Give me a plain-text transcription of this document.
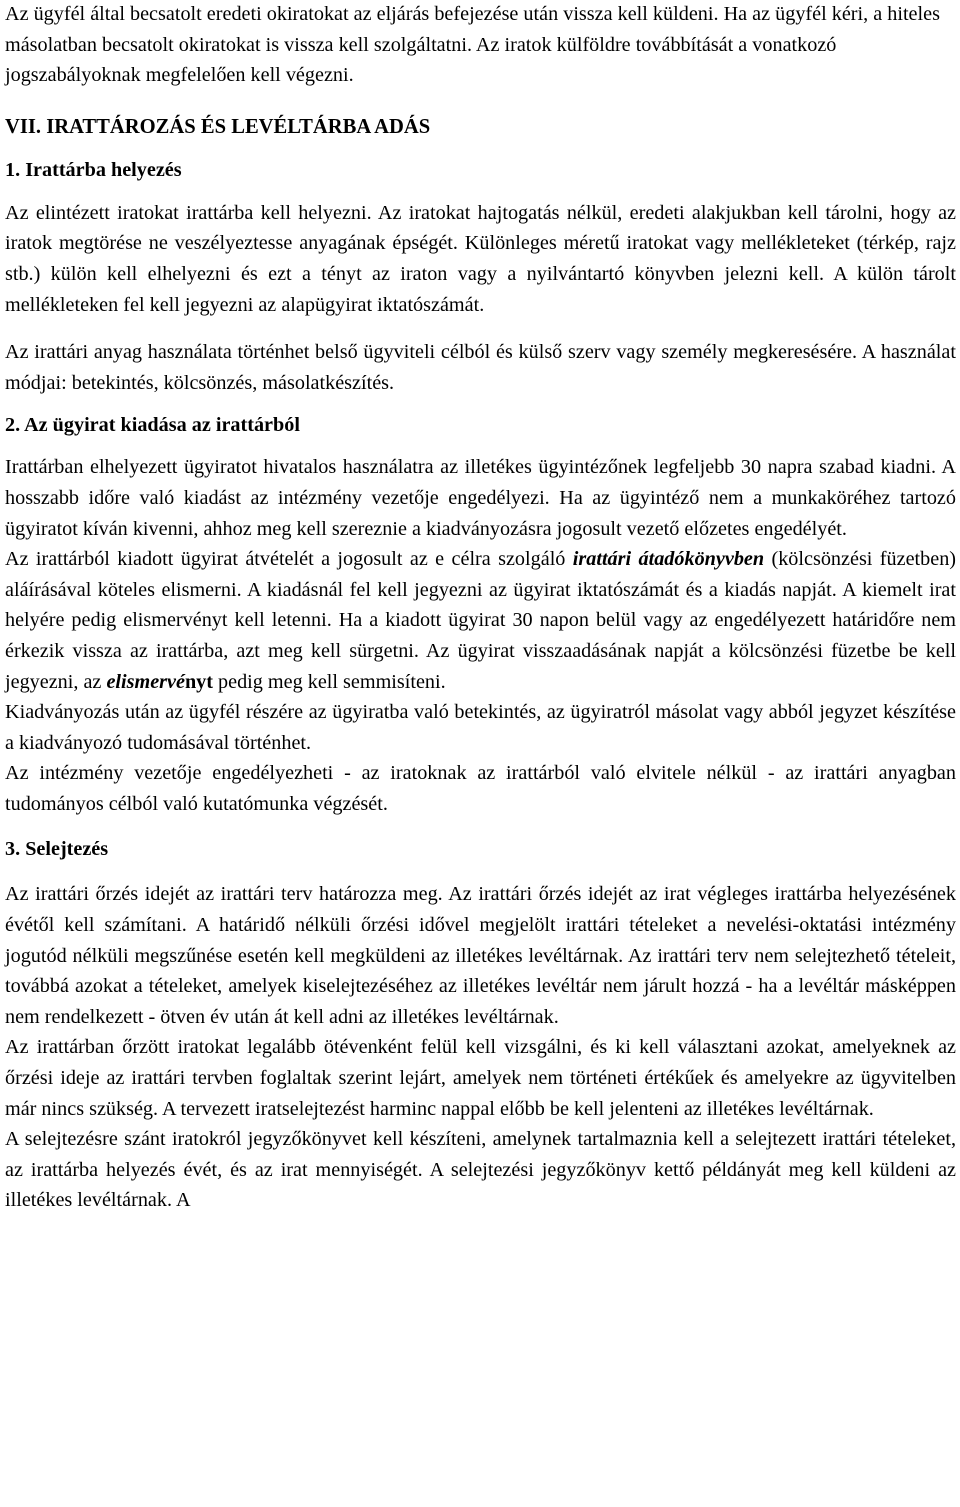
Az ügyfél által becsatolt eredeti okiratokat az eljárás befejezése után vissza kell küldeni. Ha az ügyfél kéri, a hiteles másolatban becsatolt okiratokat is vissza kell szolgáltatni. Az iratok külföldre továbbítását a vonatkozó jogszabályoknak megfelelően kell végezni.

VII. IRATTÁROZÁS ÉS LEVÉLTÁRBA ADÁS
1. Irattárba helyezés

Az elintézett iratokat irattárba kell helyezni. Az iratokat hajtogatás nélkül, eredeti alakjukban kell tárolni, hogy az iratok megtörése ne veszélyeztesse anyagának épségét. Különleges méretű iratokat vagy mellékleteket (térkép, rajz stb.) külön kell elhelyezni és ezt a tényt az iraton vagy a nyilvántartó könyvben jelezni kell. A külön tárolt mellékleteken fel kell jegyezni az alapügyirat iktatószámát.

Az irattári anyag használata történhet belső ügyviteli célból és külső szerv vagy személy megkeresésére. A használat módjai: betekintés, kölcsönzés, másolatkészítés.

2. Az ügyirat kiadása az irattárból

Irattárban elhelyezett ügyiratot hivatalos használatra az illetékes ügyintézőnek legfeljebb 30 napra szabad kiadni. A hosszabb időre való kiadást az intézmény vezetője engedélyezi. Ha az ügyintéző nem a munkaköréhez tartozó ügyiratot kíván kivenni, ahhoz meg kell szereznie a kiadványozásra jogosult vezető előzetes engedélyét.

Az irattárból kiadott ügyirat átvételét a jogosult az e célra szolgáló irattári átadókönyvben (kölcsönzési füzetben) aláírásával köteles elismerni. A kiadásnál fel kell jegyezni az ügyirat iktatószámát és a kiadás napját. A kiemelt irat helyére pedig elismervényt kell letenni. Ha a kiadott ügyirat 30 napon belül vagy az engedélyezett határidőre nem érkezik vissza az irattárba, azt meg kell sürgetni. Az ügyirat visszaadásának napját a kölcsönzési füzetbe be kell jegyezni, az elismervényt pedig meg kell semmisíteni.

Kiadványozás után az ügyfél részére az ügyiratba való betekintés, az ügyiratról másolat vagy abból jegyzet készítése a kiadványozó tudomásával történhet.

Az intézmény vezetője engedélyezheti - az iratoknak az irattárból való elvitele nélkül - az irattári anyagban tudományos célból való kutatómunka végzését.

3. Selejtezés

Az irattári őrzés idejét az irattári terv határozza meg. Az irattári őrzés idejét az irat végleges irattárba helyezésének évétől kell számítani. A határidő nélküli őrzési idővel megjelölt irattári tételeket a nevelési-oktatási intézmény jogutód nélküli megszűnése esetén kell megküldeni az illetékes levéltárnak. Az irattári terv nem selejtezhető tételeit, továbbá azokat a tételeket, amelyek kiselejtezéséhez az illetékes levéltár nem járult hozzá - ha a levéltár másképpen nem rendelkezett - ötven év után át kell adni az illetékes levéltárnak.

Az irattárban őrzött iratokat legalább ötévenként felül kell vizsgálni, és ki kell választani azokat, amelyeknek az őrzési ideje az irattári tervben foglaltak szerint lejárt, amelyek nem történeti értékűek és amelyekre az ügyvitelben már nincs szükség. A tervezett iratselejtezést harminc nappal előbb be kell jelenteni az illetékes levéltárnak.

A selejtezésre szánt iratokról jegyzőkönyvet kell készíteni, amelynek tartalmaznia kell a selejtezett irattári tételeket, az irattárba helyezés évét, és az irat mennyiségét. A selejtezési jegyzőkönyv kettő példányát meg kell küldeni az illetékes levéltárnak. A
